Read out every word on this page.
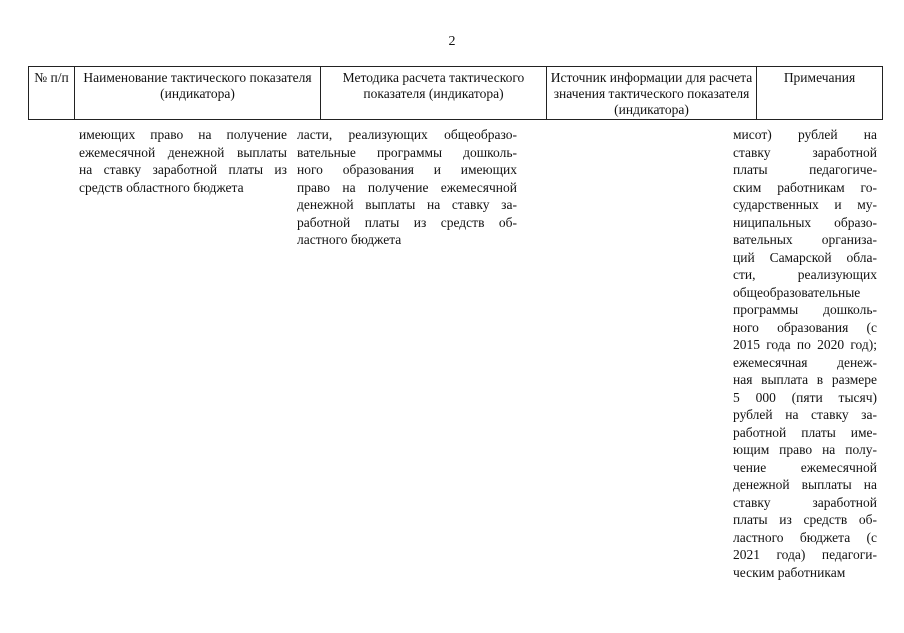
2
№ п/п	Наименование тактического показателя (индикатора)
Методика расчета тактического показателя (индикатора)
Источник информации для расчета значения тактического показателя (индикатора)
Примечания
имеющих право на получение
ежемесячной денежной выплаты
на ставку заработной платы из
средств областного бюджета
ласти, реализующих общеобразо-
вательные программы дошколь-
ного образования и имеющих
право на получение ежемесячной
денежной выплаты на ставку за-
работной платы из средств об-
ластного бюджета
мисот) рублей на
ставку заработной
платы педагогиче-
ским работникам го-
сударственных и му-
ниципальных образо-
вательных организа-
ций Самарской обла-
сти, реализующих
общеобразовательные
программы дошколь-
ного образования (с
2015 года по 2020 год);
ежемесячная денеж-
ная выплата в размере
5 000 (пяти тысяч)
рублей на ставку за-
работной платы име-
ющим право на полу-
чение ежемесячной
денежной выплаты на
ставку заработной
платы из средств об-
ластного бюджета (с
2021 года) педагоги-
ческим работникам
